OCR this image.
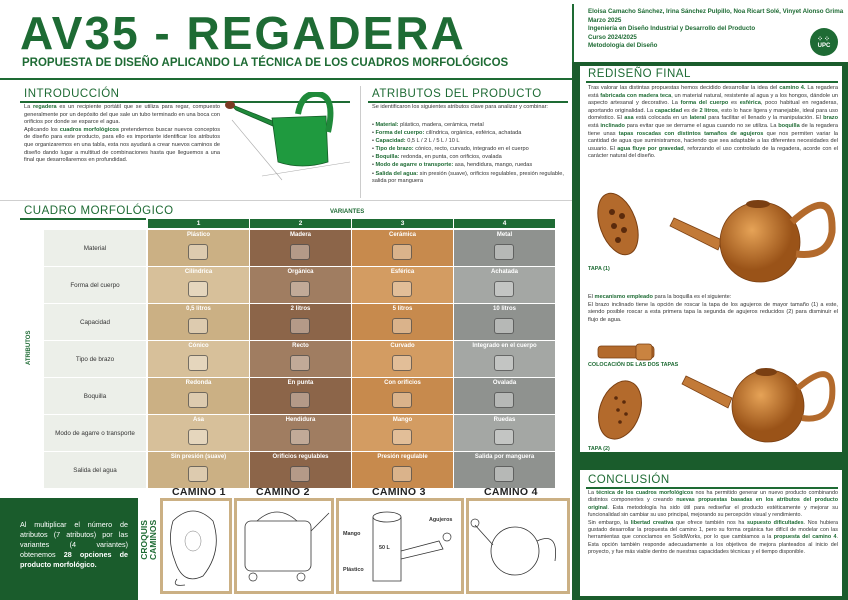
AV35 - REGADERA
PROPUESTA DE DISEÑO APLICANDO LA TÉCNICA DE LOS CUADROS MORFOLÓGICOS
Eloisa Camacho Sánchez, Irina Sánchez Pulpillo, Noa Ricart Solé, Vinyet Alonso Grima
Marzo 2025
Ingeniería en Diseño Industrial y Desarrollo del Producto
Curso 2024/2025
Metodología del Diseño
⁘⁘
UPC
INTRODUCCIÓN
La regadera es un recipiente portátil que se utiliza para regar, compuesto generalmente por un depósito del que sale un tubo terminado en una boca con orificios por donde se esparce el agua.
Aplicando los cuadros morfológicos pretendemos buscar nuevos conceptos de diseño para este producto, para ello es importante identificar los atributos que organizaremos en una tabla, esta nos ayudará a crear nuevos caminos de diseño dando lugar a multitud de combinaciones hasta que lleguemos a una final que desarrollaremos en profundidad.
ATRIBUTOS DEL PRODUCTO
Se identificaron los siguientes atributos clave para analizar y combinar:
• Material: plástico, madera, cerámica, metal
• Forma del cuerpo: cilíndrica, orgánica, esférica, achatada
• Capacidad: 0,5 L / 2 L / 5 L / 10 L
• Tipo de brazo: cónico, recto, curvado, integrado en el cuerpo
• Boquilla: redonda, en punta, con orificios, ovalada
• Modo de agarre o transporte: asa, hendidura, mango, ruedas
• Salida del agua: sin presión (suave), orificios regulables, presión regulable, salida por manguera
CUADRO MORFOLÓGICO	VARIANTES
ATRIBUTOS
1	2	3	4
Material
Plástico	Madera	Cerámica	Metal
Forma del cuerpo
Cilíndrica	Orgánica	Esférica	Achatada
Capacidad
0,5 litros	2 litros	5 litros	10 litros
Tipo de brazo
Cónico	Recto	Curvado	Integrado en el cuerpo
Boquilla
Redonda	En punta	Con orificios	Ovalada
Modo de agarre o transporte
Asa	Hendidura	Mango	Ruedas
Salida del agua
Sin presión (suave)	Orificios regulables	Presión regulable	Salida por manguera
Al multiplicar el número de atributos (7 atributos) por las variantes (4 variantes) obtenemos 28 opciones de producto morfológico.
CROQUIS CAMINOS
CAMINO 1	CAMINO 2	CAMINO 3	CAMINO 4
50 L
Mango
Plástico
Agujeros
REDISEÑO FINAL
Tras valorar las distintas propuestas hemos decidido desarrollar la idea del camino 4. La regadera está fabricada con madera teca, un material natural, resistente al agua y a los hongos, dándole un aspecto artesanal y decorativo. La forma del cuerpo es esférica, poco habitual en regaderas, aportando originalidad. La capacidad es de 2 litros, esto lo hace ligera y manejable, ideal para uso doméstico. El asa está colocada en un lateral para facilitar el llenado y la manipulación. El brazo está inclinado para evitar que se derrame el agua cuando no se utiliza. La boquilla de la regadera tiene unas tapas roscadas con distintos tamaños de agujeros que nos permiten variar la cantidad de agua que suministramos, haciendo que sea adaptable a las diferentes necesidades del usuario. El agua fluye por gravedad, reforzando el uso controlado de la regadera, acorde con el carácter natural del diseño.
TAPA (1)
El mecanismo empleado para la boquilla es el siguiente:
El brazo inclinado tiene la opción de roscar la tapa de los agujeros de mayor tamaño (1) a este, siendo posible roscar a esta primera tapa la segunda de agujeros reducidos (2) para disminuir el flujo de agua.
COLOCACIÓN DE LAS DOS TAPAS
TAPA (2)
CONCLUSIÓN
La técnica de los cuadros morfológicos nos ha permitido generar un nuevo producto combinando distintos componentes y creando nuevas propuestas basadas en los atributos del producto original. Esta metodología ha sido útil para rediseñar el producto estéticamente y mejorar su funcionalidad sin cambiar su uso principal, mejorando su percepción visual y rendimiento.
Sin embargo, la libertad creativa que ofrece también nos ha supuesto dificultades. Nos hubiera gustado desarrollar la propuesta del camino 1, pero su forma orgánica fue difícil de modelar con las herramientas que conocíamos en SolidWorks, por lo que cambiamos a la propuesta del camino 4. Esta opción también responde adecuadamente a los objetivos de mejora planteados al inicio del proyecto, y fue más viable dentro de nuestras capacidades técnicas y el tiempo disponible.
